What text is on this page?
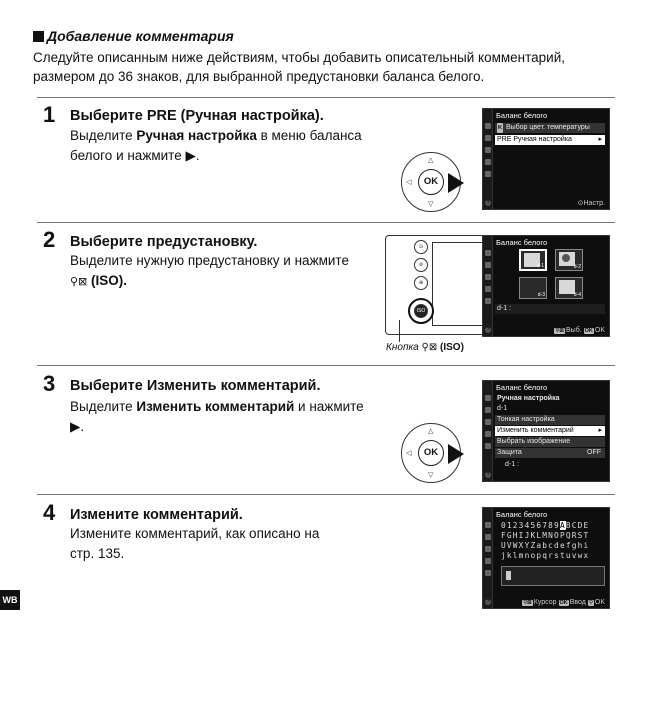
Добавление комментария
Следуйте описанным ниже действиям, чтобы добавить описательный комментарий, размером до 36 знаков, для выбранной предустановки баланса белого.
1 Выберите PRE (Ручная настройка).
Выделите Ручная настройка в меню баланса белого и нажмите ▶.	△
▽
◁	OK
?
Баланс белого
K Выбор цвет. температуры
PRE Ручная настройка	▸
⊙Настр.
2 Выберите предустановку.
Выделите нужную предустановку и нажмите
⚲⊠ (ISO).
⊙
⊘
⊕
ISO
Кнопка ⚲⊠ (ISO)
?
Баланс белого
d-1	d-2
d-3	d-4
d-1 :
⚲⊠ Выб. OK OK
3 Выберите Изменить комментарий.
Выделите Изменить комментарий и нажмите ▶.	△
▽
◁	OK
?
Баланс белого
Ручная настройка
d-1
Тонкая настройка
Изменить комментарий	▸
Выбрать изображение
Защита	OFF
d-1 :
4 Измените комментарий.
Измените комментарий, как описано на стр. 135.
?
Баланс белого
0123456789ABCDE
FGHIJKLMNOPQRST
UVWXYZabcdefghi
jklmnopqrstuvwx
⚲⊠ Курсор OK Ввод ⚲ OK
WB
